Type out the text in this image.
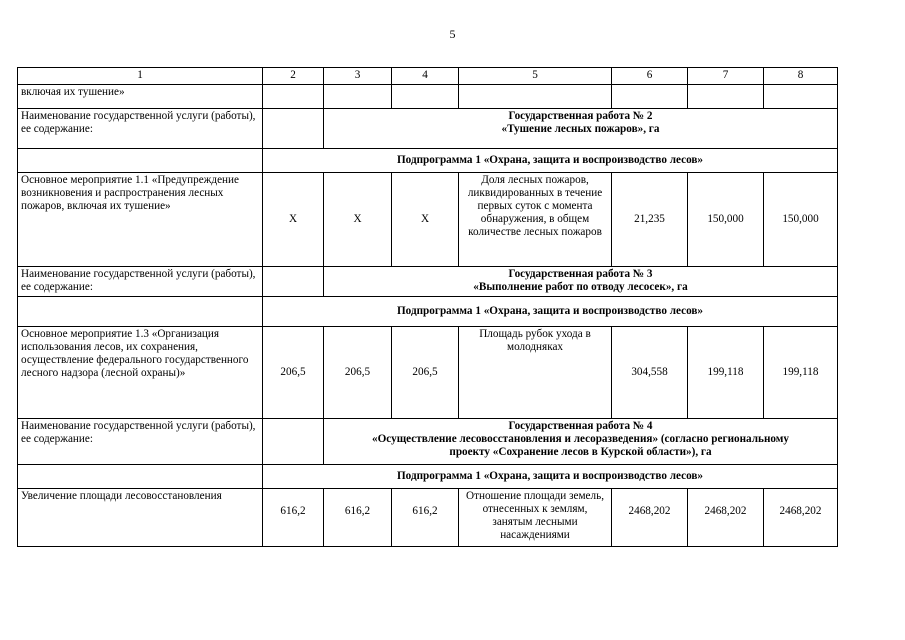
5
1	2	3	4	5	6	7	8
включая их тушение»							
Наименование государственной услуги (работы), ее содержание:		Государственная работа № 2
«Тушение лесных пожаров», га					

	Подпрограмма 1 «Охрана, защита и воспроизводство лесов»						
Основное мероприятие 1.1 «Предупреждение возникновения и распространения лесных пожаров, включая их тушение»	Х	Х	Х	Доля лесных пожаров, ликвидированных в течение первых суток с момента обнаружения, в общем количестве лесных пожаров	21,235	150,000	150,000
Наименование государственной услуги (работы), ее содержание:		Государственная работа № 3
«Выполнение работ по отводу лесосек», га					

	Подпрограмма 1 «Охрана, защита и воспроизводство лесов»						
Основное мероприятие 1.3 «Организация использования лесов, их сохранения, осуществление федерального государственного лесного надзора (лесной охраны)»	206,5	206,5	206,5	Площадь рубок ухода в молодняках	304,558	199,118	199,118
Наименование государственной услуги (работы), ее содержание:		Государственная работа № 4
«Осуществление лесовосстановления и лесоразведения» (согласно региональному
проекту «Сохранение лесов в Курской области»), га					

	Подпрограмма 1 «Охрана, защита и воспроизводство лесов»						
Увеличение площади лесовосстановления	616,2	616,2	616,2	Отношение площади земель, отнесенных к землям, занятым лесными насаждениями	2468,202	2468,202	2468,202
